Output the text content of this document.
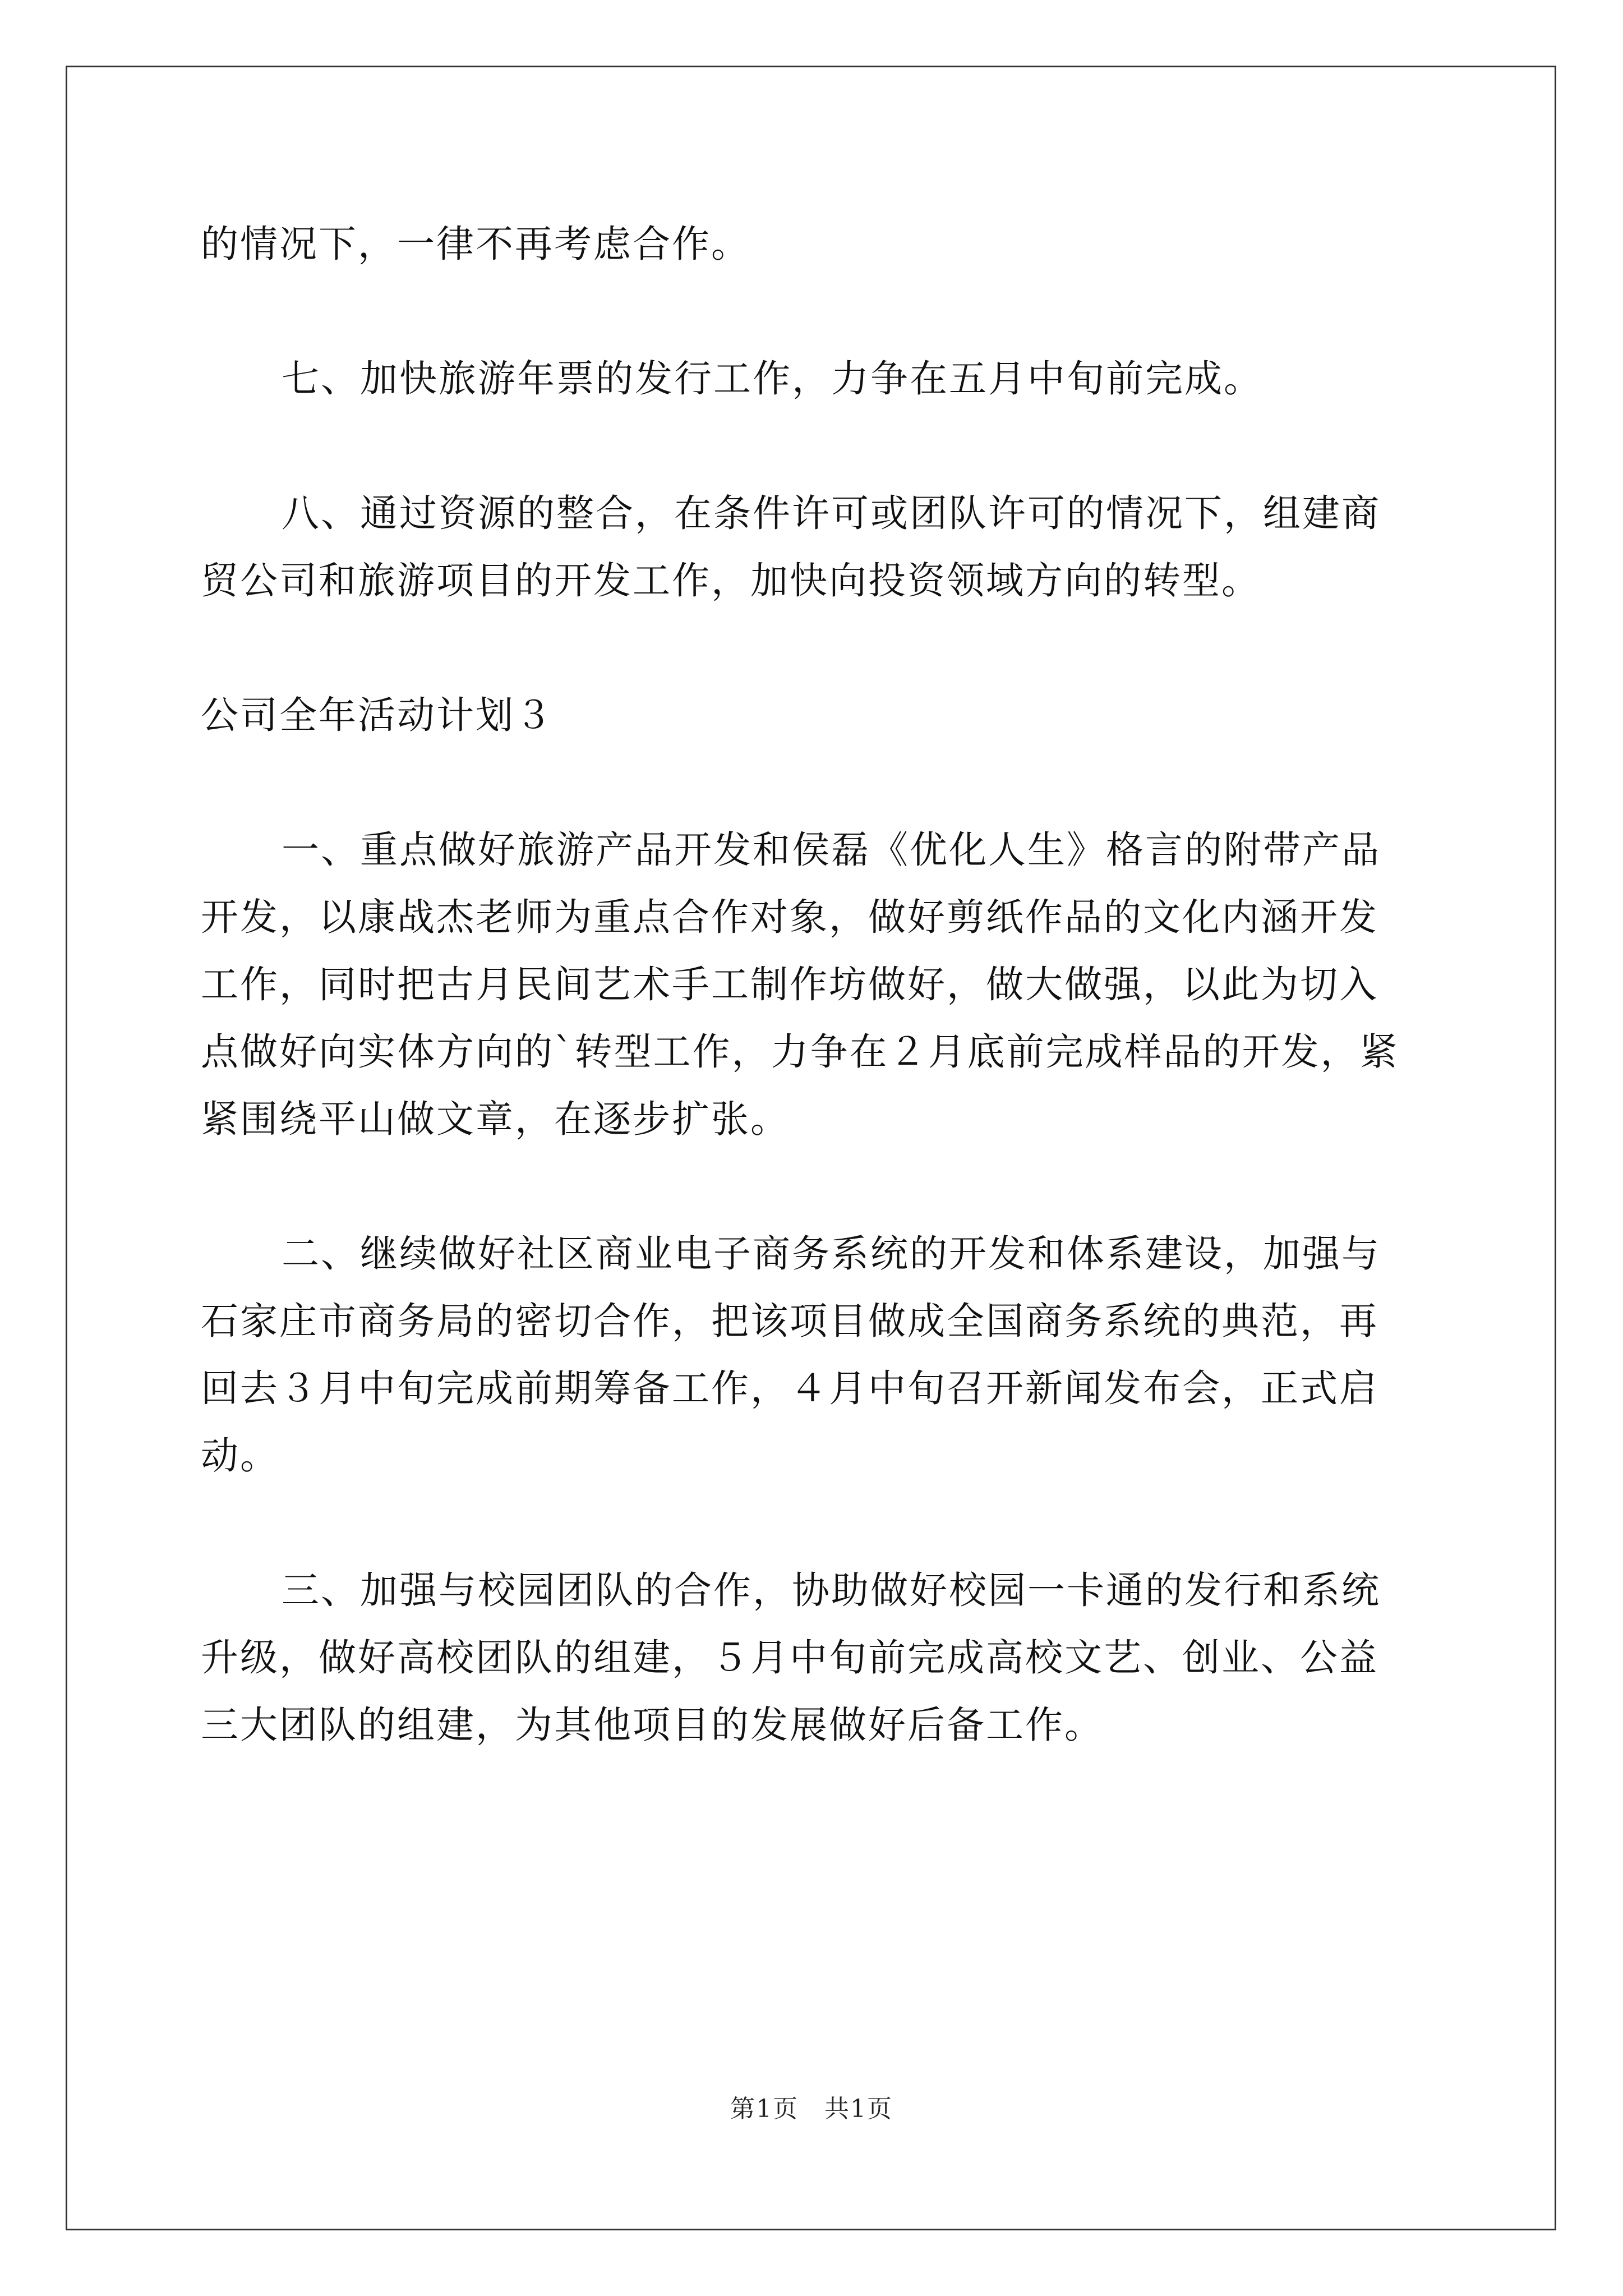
的情况下，一律不再考虑合作。
七、加快旅游年票的发行工作，力争在五月中旬前完成。
八、通过资源的整合，在条件许可或团队许可的情况下，组建商
贸公司和旅游项目的开发工作，加快向投资领域方向的转型。
公司全年活动计划３
一、重点做好旅游产品开发和侯磊《优化人生》格言的附带产品
开发，以康战杰老师为重点合作对象，做好剪纸作品的文化内涵开发
工作，同时把古月民间艺术手工制作坊做好，做大做强，以此为切入
点做好向实体方向的`转型工作，力争在２月底前完成样品的开发，紧
紧围绕平山做文章，在逐步扩张。
二、继续做好社区商业电子商务系统的开发和体系建设，加强与
石家庄市商务局的密切合作，把该项目做成全国商务系统的典范，再
回去３月中旬完成前期筹备工作，４月中旬召开新闻发布会，正式启
动。
三、加强与校园团队的合作，协助做好校园一卡通的发行和系统
升级，做好高校团队的组建，５月中旬前完成高校文艺、创业、公益
三大团队的组建，为其他项目的发展做好后备工作。
第1页　共1页
